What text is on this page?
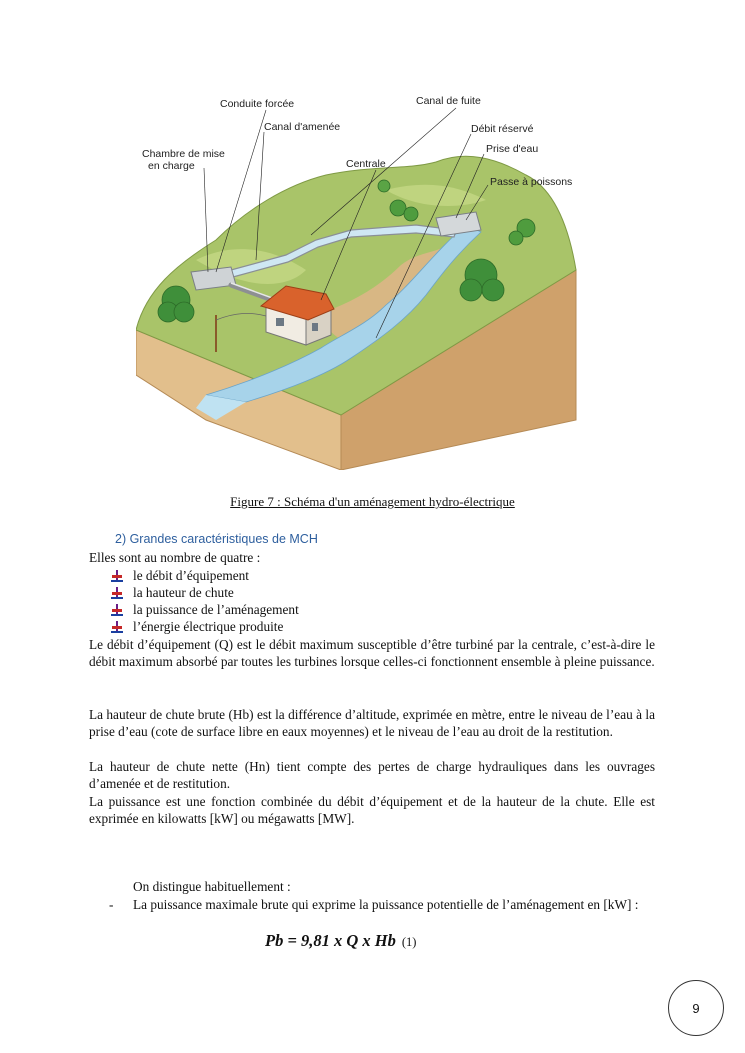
Conduite forcée
Canal d'amenée
Chambre de mise
en charge	Centrale
Canal de fuite
Débit réservé
Prise d'eau
Passe à poissons
Figure 7 : Schéma d'un aménagement hydro-électrique
2) Grandes caractéristiques de MCH
Elles sont au nombre de quatre :
le débit d’équipement
la hauteur de chute
la puissance de l’aménagement
l’énergie électrique produite
Le débit d’équipement (Q) est le débit maximum susceptible d’être turbiné par la centrale, c’est-à-dire le débit maximum absorbé par toutes les turbines lorsque celles-ci fonctionnent ensemble à pleine puissance.
La hauteur de chute brute (Hb) est la différence d’altitude, exprimée en mètre, entre le niveau de l’eau à la prise d’eau (cote de surface libre en eaux moyennes) et le niveau de l’eau au droit de la restitution.
La hauteur de chute nette (Hn) tient compte des pertes de charge hydrauliques dans les ouvrages d’amenée et de restitution.
La puissance est une fonction combinée du débit d’équipement et de la hauteur de la chute. Elle est exprimée en kilowatts [kW] ou mégawatts [MW].
On distingue habituellement :
- La puissance maximale brute qui exprime la puissance potentielle de l’aménagement en [kW] :
Pb = 9,81 x Q x Hb (1)
9
